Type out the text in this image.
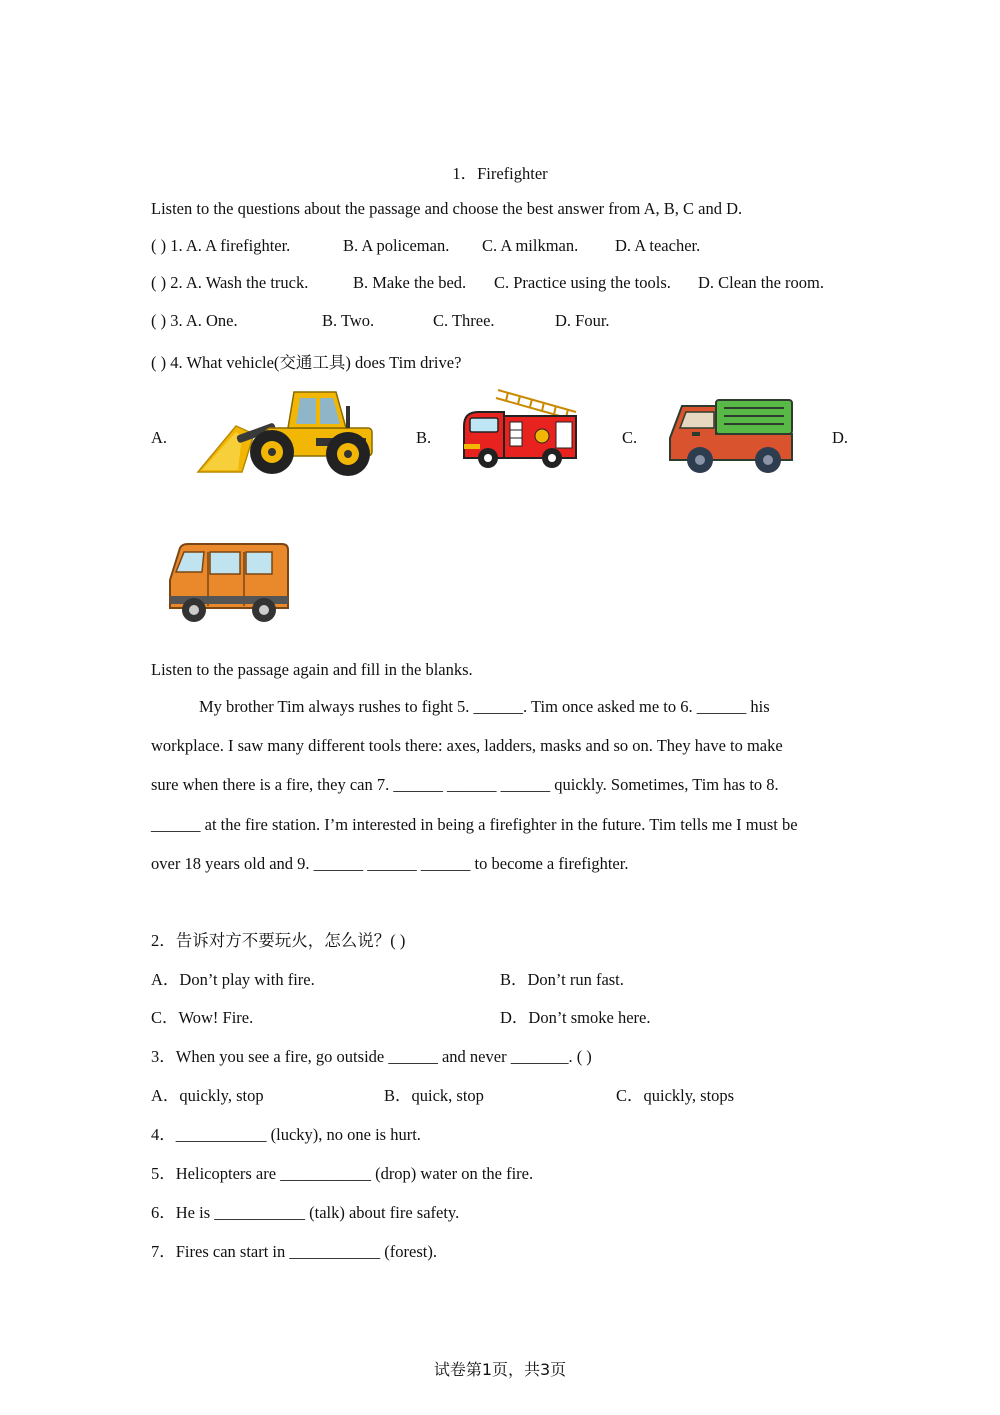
1．Firefighter
Listen to the questions about the passage and choose the best answer from A, B, C and D.
( ) 1. A. A firefighter.	B. A policeman. C. A milkman. D. A teacher.
( ) 2. A. Wash the truck.	B. Make the bed. C. Practice using the tools. D. Clean the room.
( ) 3. A. One.	B. Two.	C. Three.	D. Four.
( ) 4. What vehicle(交通工具) does Tim drive?
A.	B.	C.	D.
Listen to the passage again and fill in the blanks.
My brother Tim always rushes to fight 5. ______. Tim once asked me to 6. ______ his
workplace. I saw many different tools there: axes, ladders, masks and so on. They have to make
sure when there is a fire, they can 7. ______ ______ ______ quickly. Sometimes, Tim has to 8.
______ at the fire station. I’m interested in being a firefighter in the future. Tim tells me I must be
over 18 years old and 9. ______ ______ ______ to become a firefighter.
2．告诉对方不要玩火，怎么说？( )
A．Don’t play with fire.	B．Don’t run fast.
C．Wow! Fire.	D．Don’t smoke here.
3．When you see a fire, go outside ______ and never _______. ( )
A．quickly, stop	B．quick, stop	C．quickly, stops
4．___________ (lucky), no one is hurt.
5．Helicopters are ___________ (drop) water on the fire.
6．He is ___________ (talk) about fire safety.
7．Fires can start in ___________ (forest).
试卷第1页，共3页
